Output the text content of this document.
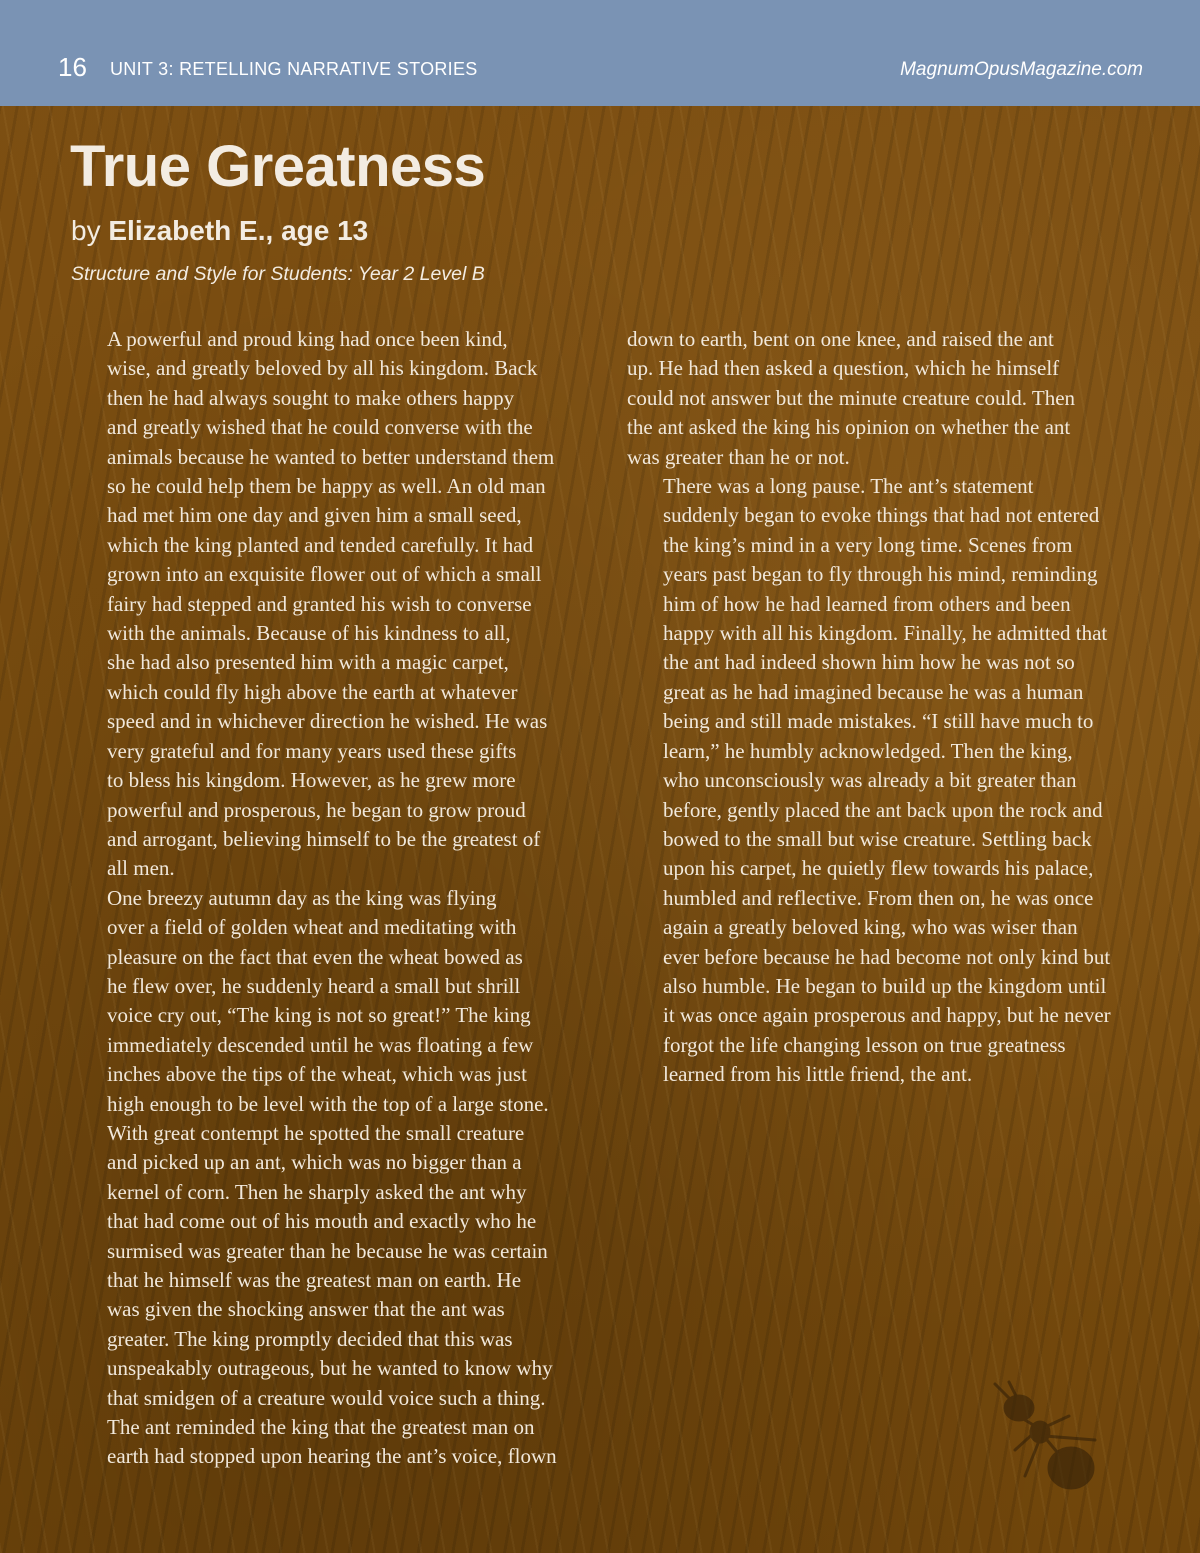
16 UNIT 3: RETELLING NARRATIVE STORIES	MagnumOpusMagazine.com
True Greatness
by Elizabeth E., age 13
Structure and Style for Students: Year 2 Level B

A powerful and proud king had once been kind,
wise, and greatly beloved by all his kingdom. Back
then he had always sought to make others happy
and greatly wished that he could converse with the
animals because he wanted to better understand them
so he could help them be happy as well. An old man
had met him one day and given him a small seed,
which the king planted and tended carefully. It had
grown into an exquisite flower out of which a small
fairy had stepped and granted his wish to converse
with the animals. Because of his kindness to all,
she had also presented him with a magic carpet,
which could fly high above the earth at whatever
speed and in whichever direction he wished. He was
very grateful and for many years used these gifts
to bless his kingdom. However, as he grew more
powerful and prosperous, he began to grow proud
and arrogant, believing himself to be the greatest of
all men.

One breezy autumn day as the king was flying
over a field of golden wheat and meditating with
pleasure on the fact that even the wheat bowed as
he flew over, he suddenly heard a small but shrill
voice cry out, “The king is not so great!” The king
immediately descended until he was floating a few
inches above the tips of the wheat, which was just
high enough to be level with the top of a large stone.
With great contempt he spotted the small creature
and picked up an ant, which was no bigger than a
kernel of corn. Then he sharply asked the ant why
that had come out of his mouth and exactly who he
surmised was greater than he because he was certain
that he himself was the greatest man on earth. He
was given the shocking answer that the ant was
greater. The king promptly decided that this was
unspeakably outrageous, but he wanted to know why
that smidgen of a creature would voice such a thing.
The ant reminded the king that the greatest man on
earth had stopped upon hearing the ant’s voice, flown

down to earth, bent on one knee, and raised the ant
up. He had then asked a question, which he himself
could not answer but the minute creature could. Then
the ant asked the king his opinion on whether the ant
was greater than he or not.

There was a long pause. The ant’s statement
suddenly began to evoke things that had not entered
the king’s mind in a very long time. Scenes from
years past began to fly through his mind, reminding
him of how he had learned from others and been
happy with all his kingdom. Finally, he admitted that
the ant had indeed shown him how he was not so
great as he had imagined because he was a human
being and still made mistakes. “I still have much to
learn,” he humbly acknowledged. Then the king,
who unconsciously was already a bit greater than
before, gently placed the ant back upon the rock and
bowed to the small but wise creature. Settling back
upon his carpet, he quietly flew towards his palace,
humbled and reflective. From then on, he was once
again a greatly beloved king, who was wiser than
ever before because he had become not only kind but
also humble. He began to build up the kingdom until
it was once again prosperous and happy, but he never
forgot the life changing lesson on true greatness
learned from his little friend, the ant.
